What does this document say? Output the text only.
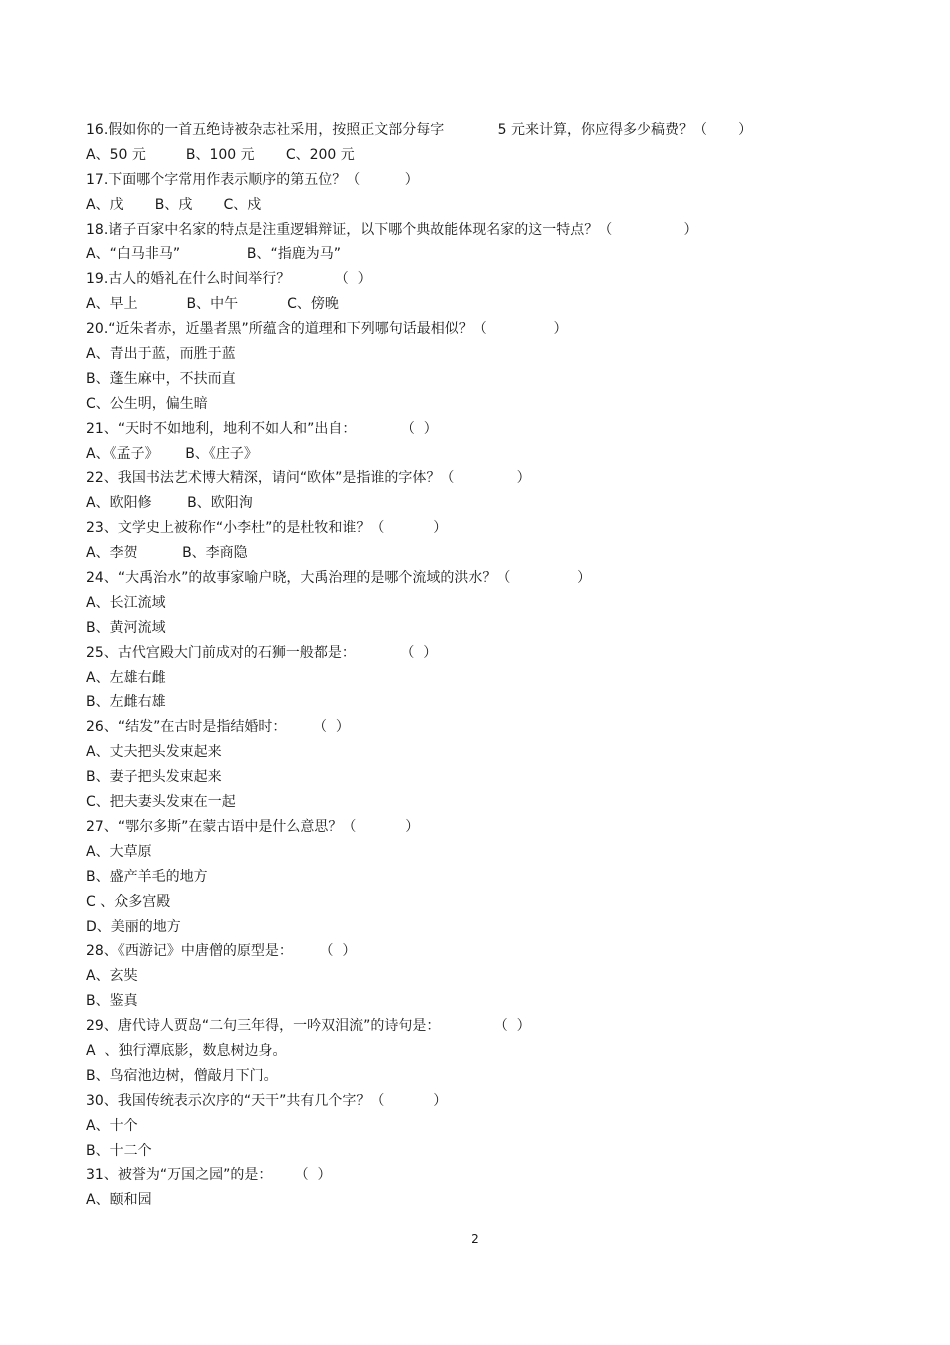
16.假如你的一首五绝诗被杂志社采用，按照正文部分每字            5 元来计算，你应得多少稿费？（       ）
A、50 元         B、100 元       C、200 元
17.下面哪个字常用作表示顺序的第五位？（          ）
A、戊       B、戌       C、戍
18.诸子百家中名家的特点是注重逻辑辩证，以下哪个典故能体现名家的这一特点？（                ）
A、“白马非马”               B、“指鹿为马”
19.古人的婚礼在什么时间举行？          （  ）
A、早上           B、中午           C、傍晚
20.“近朱者赤，近墨者黑”所蕴含的道理和下列哪句话最相似？（               ）
A、青出于蓝，而胜于蓝
B、蓬生麻中，不扶而直
C、公生明，偏生暗
21、“天时不如地利，地利不如人和”出自：          （  ）
A、《孟子》      B、《庄子》
22、我国书法艺术博大精深，请问“欧体”是指谁的字体？（              ）
A、欧阳修        B、欧阳洵
23、文学史上被称作“小李杜”的是杜牧和谁？（           ）
A、李贺          B、李商隐
24、“大禹治水”的故事家喻户晓，大禹治理的是哪个流域的洪水？（               ）
A、长江流域
B、黄河流域
25、古代宫殿大门前成对的石狮一般都是：          （  ）
A、左雄右雌
B、左雌右雄
26、“结发”在古时是指结婚时：      （  ）
A、丈夫把头发束起来
B、妻子把头发束起来
C、把夫妻头发束在一起
27、“鄂尔多斯”在蒙古语中是什么意思？（           ）
A、大草原
B、盛产羊毛的地方
C 、众多宫殿
D、美丽的地方
28、《西游记》中唐僧的原型是：      （  ）
A、玄奘
B、鉴真
29、唐代诗人贾岛“二句三年得，一吟双泪流”的诗句是：            （  ）
A  、独行潭底影，数息树边身。
B、鸟宿池边树，僧敲月下门。
30、我国传统表示次序的“天干”共有几个字？（           ）
A、十个
B、十二个
31、被誉为“万国之园”的是：     （  ）
A、颐和园
2
